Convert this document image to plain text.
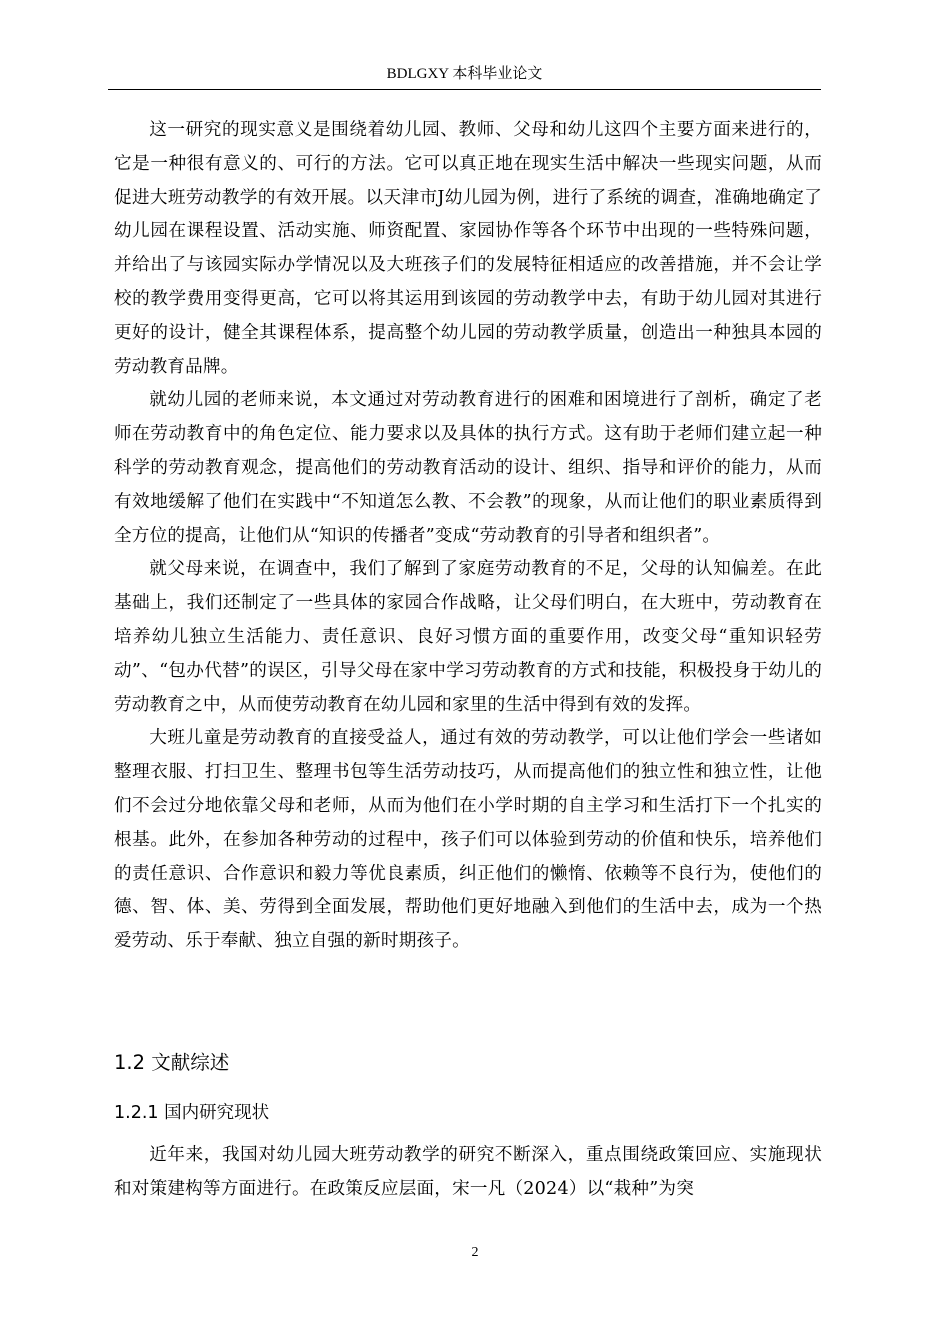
BDLGXY 本科毕业论文

这一研究的现实意义是围绕着幼儿园、教师、父母和幼儿这四个主要方面来进行的，它是一种很有意义的、可行的方法。它可以真正地在现实生活中解决一些现实问题，从而促进大班劳动教学的有效开展。以天津市J幼儿园为例，进行了系统的调查，准确地确定了幼儿园在课程设置、活动实施、师资配置、家园协作等各个环节中出现的一些特殊问题，并给出了与该园实际办学情况以及大班孩子们的发展特征相适应的改善措施，并不会让学校的教学费用变得更高，它可以将其运用到该园的劳动教学中去，有助于幼儿园对其进行更好的设计，健全其课程体系，提高整个幼儿园的劳动教学质量，创造出一种独具本园的劳动教育品牌。

就幼儿园的老师来说，本文通过对劳动教育进行的困难和困境进行了剖析，确定了老师在劳动教育中的角色定位、能力要求以及具体的执行方式。这有助于老师们建立起一种科学的劳动教育观念，提高他们的劳动教育活动的设计、组织、指导和评价的能力，从而有效地缓解了他们在实践中“不知道怎么教、不会教”的现象，从而让他们的职业素质得到全方位的提高，让他们从“知识的传播者”变成“劳动教育的引导者和组织者”。

就父母来说，在调查中，我们了解到了家庭劳动教育的不足，父母的认知偏差。在此基础上，我们还制定了一些具体的家园合作战略，让父母们明白，在大班中，劳动教育在培养幼儿独立生活能力、责任意识、良好习惯方面的重要作用，改变父母“重知识轻劳动”、“包办代替”的误区，引导父母在家中学习劳动教育的方式和技能，积极投身于幼儿的劳动教育之中，从而使劳动教育在幼儿园和家里的生活中得到有效的发挥。

大班儿童是劳动教育的直接受益人，通过有效的劳动教学，可以让他们学会一些诸如整理衣服、打扫卫生、整理书包等生活劳动技巧，从而提高他们的独立性和独立性，让他们不会过分地依靠父母和老师，从而为他们在小学时期的自主学习和生活打下一个扎实的根基。此外，在参加各种劳动的过程中，孩子们可以体验到劳动的价值和快乐，培养他们的责任意识、合作意识和毅力等优良素质，纠正他们的懒惰、依赖等不良行为，使他们的德、智、体、美、劳得到全面发展，帮助他们更好地融入到他们的生活中去，成为一个热爱劳动、乐于奉献、独立自强的新时期孩子。

1.2 文献综述
1.2.1 国内研究现状

近年来，我国对幼儿园大班劳动教学的研究不断深入，重点围绕政策回应、实施现状和对策建构等方面进行。在政策反应层面，宋一凡（2024）以“栽种”为突

2
